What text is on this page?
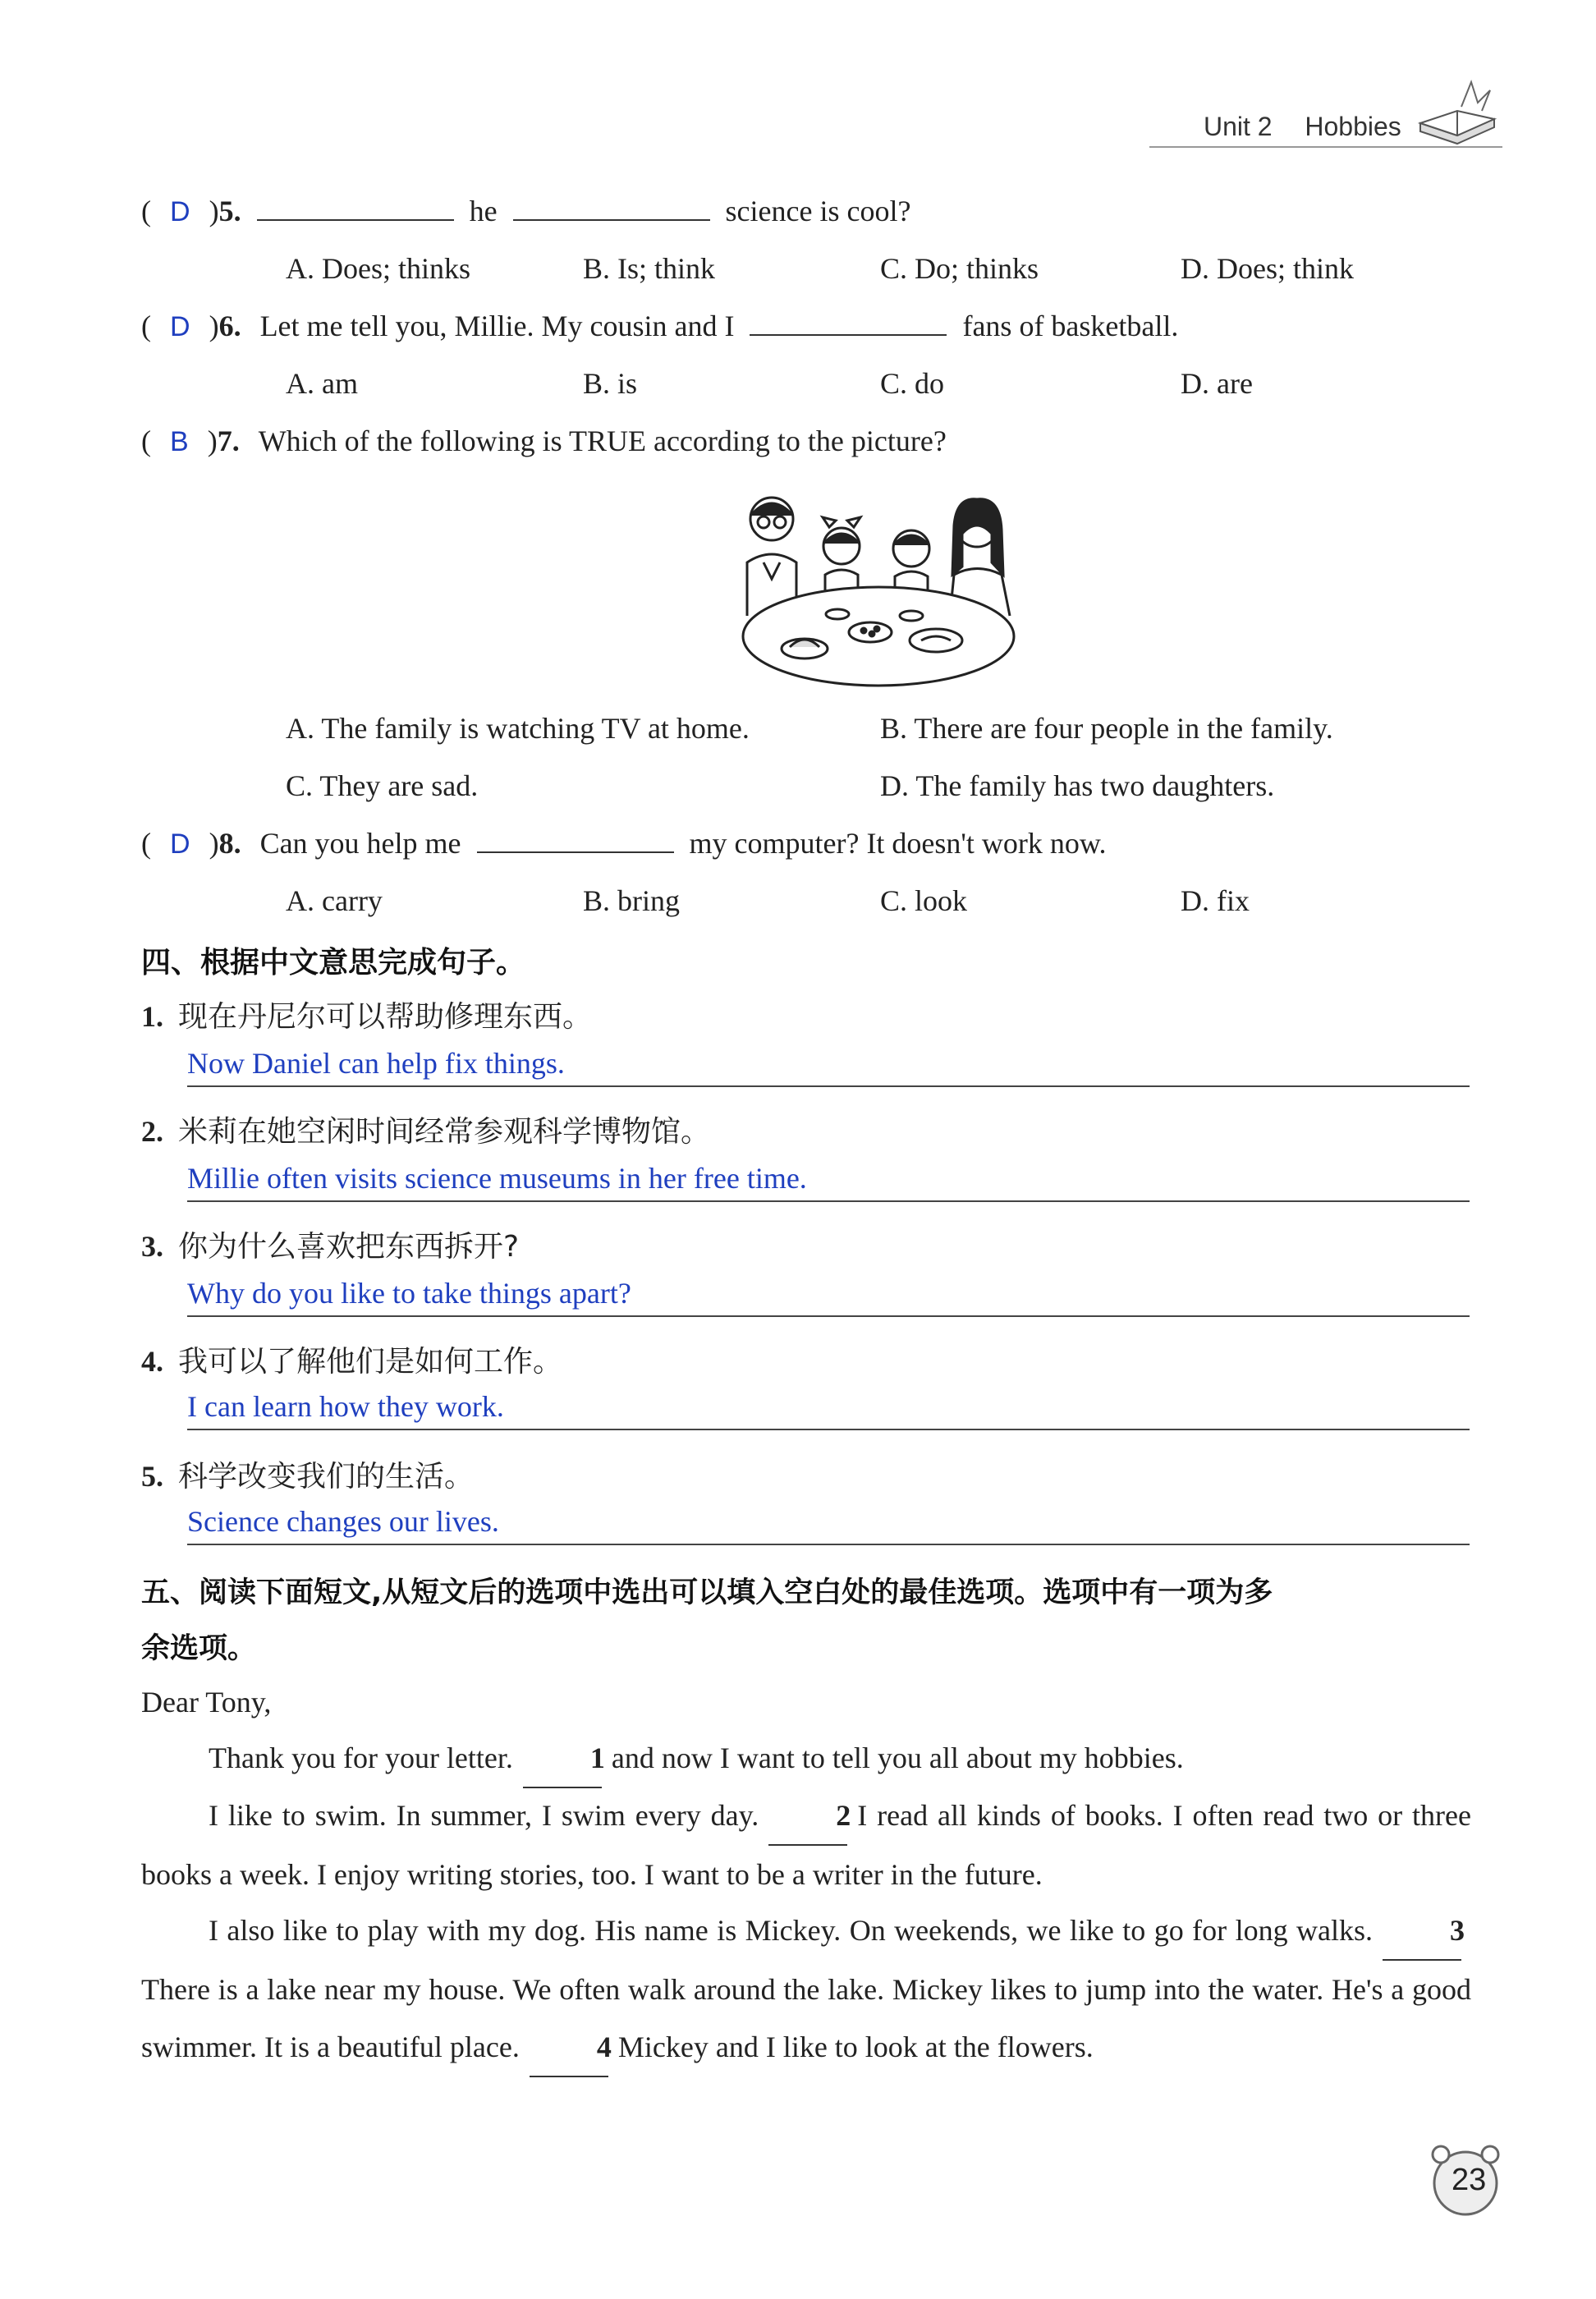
Unit 2 Hobbies
( D )5.	he	science is cool?
A. Does; thinks	B. Is; think	C. Do; thinks	D. Does; think
( D )6. Let me tell you, Millie. My cousin and I	fans of basketball.
A. am	B. is	C. do	D. are
( B )7. Which of the following is TRUE according to the picture?
A. The family is watching TV at home.	B. There are four people in the family.
C. They are sad.	D. The family has two daughters.
( D )8. Can you help me	my computer? It doesn't work now.
A. carry	B. bring	C. look	D. fix
四、根据中文意思完成句子。
1. 现在丹尼尔可以帮助修理东西。
Now Daniel can help fix things.
2. 米莉在她空闲时间经常参观科学博物馆。
Millie often visits science museums in her free time.
3. 你为什么喜欢把东西拆开?
Why do you like to take things apart?
4. 我可以了解他们是如何工作。
I can learn how they work.
5. 科学改变我们的生活。
Science changes our lives.
五、阅读下面短文,从短文后的选项中选出可以填入空白处的最佳选项。选项中有一项为多
余选项。
Dear Tony,
Thank you for your letter.	1 and now I want to tell you all about my hobbies.
I like to swim. In summer, I swim every day.	2 I read all kinds of books. I often read two or three books a week. I enjoy writing stories, too. I want to be a writer in the future.
I also like to play with my dog. His name is Mickey. On weekends, we like to go for long walks.	3There is a lake near my house. We often walk around the lake. Mickey likes to jump into the water. He's a good swimmer. It is a beautiful place.	4 Mickey and I like to look at the flowers.
23
